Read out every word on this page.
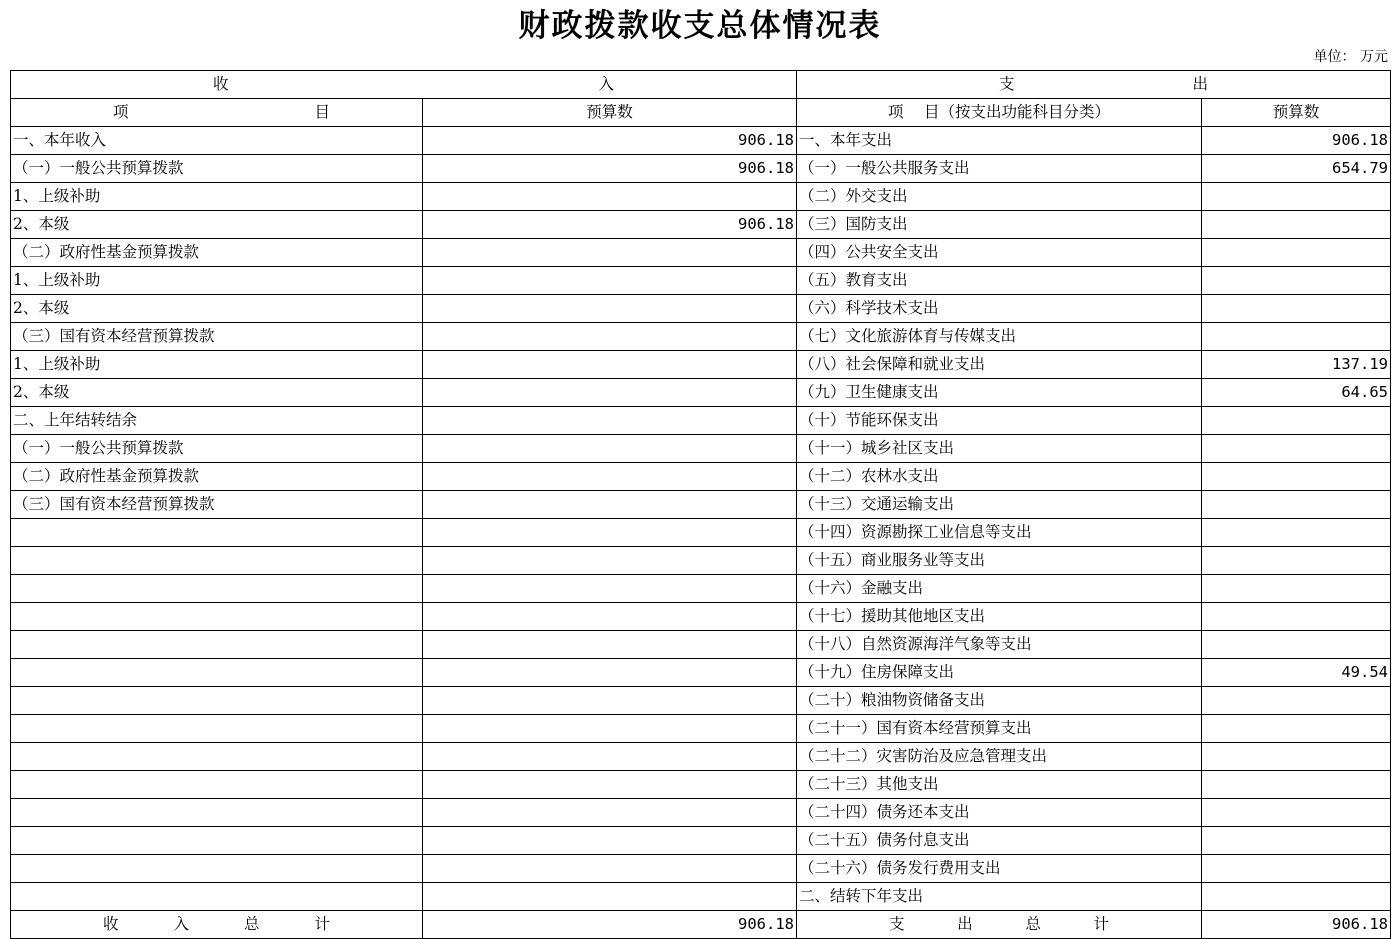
财政拨款收支总体情况表
单位： 万元
收 入		支 出	

项 目	预算数	项　 目（按支出功能科目分类）	预算数
一、本年收入	906.18	一、本年支出	906.18
（一）一般公共预算拨款	906.18	（一）一般公共服务支出	654.79
1、上级补助		（二）外交支出	
2、本级	906.18	（三）国防支出	
（二）政府性基金预算拨款		（四）公共安全支出	
1、上级补助		（五）教育支出	
2、本级		（六）科学技术支出	
（三）国有资本经营预算拨款		（七）文化旅游体育与传媒支出	
1、上级补助		（八）社会保障和就业支出	137.19
2、本级		（九）卫生健康支出	64.65
二、上年结转结余		（十）节能环保支出	
（一）一般公共预算拨款		（十一）城乡社区支出	
（二）政府性基金预算拨款		（十二）农林水支出	
（三）国有资本经营预算拨款		（十三）交通运输支出	
		（十四）资源勘探工业信息等支出	
		（十五）商业服务业等支出	
		（十六）金融支出	
		（十七）援助其他地区支出	
		（十八）自然资源海洋气象等支出	
		（十九）住房保障支出	49.54
		（二十）粮油物资储备支出	
		（二十一）国有资本经营预算支出	
		（二十二）灾害防治及应急管理支出	
		（二十三）其他支出	
		（二十四）债务还本支出	
		（二十五）债务付息支出	
		（二十六）债务发行费用支出	
		二、结转下年支出	

收 入 总 计	906.18	支 出 总 计	906.18
